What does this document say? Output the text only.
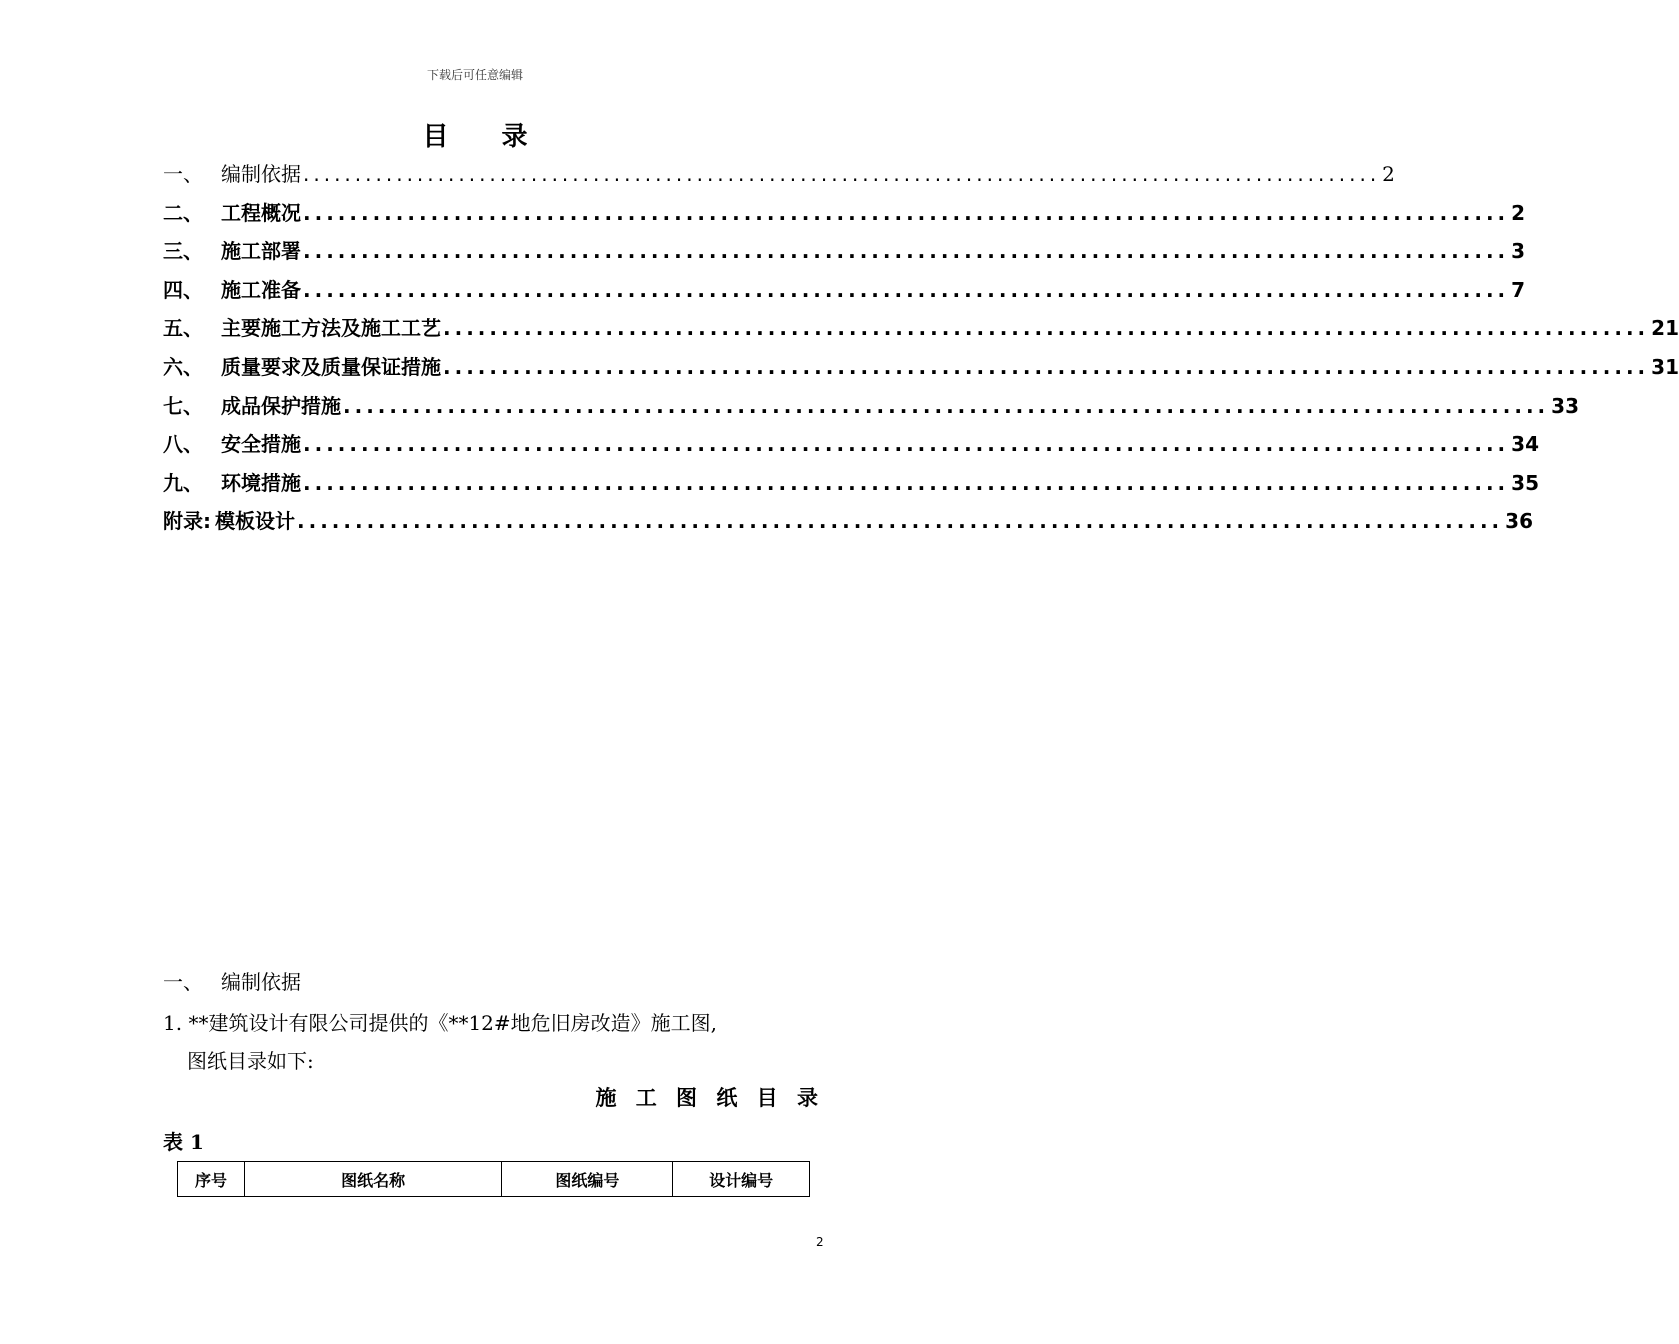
下载后可任意编辑
目 录
一、 编制依据 ........................................................................................................ 2
二、 工程概况 ........................................................................................................ 2
三、 施工部署 ........................................................................................................ 3
四、 施工准备 ........................................................................................................ 7
五、 主要施工方法及施工工艺 ........................................................................................................ 21
六、 质量要求及质量保证措施 ........................................................................................................ 31
七、 成品保护措施 ........................................................................................................ 33
八、 安全措施 ........................................................................................................ 34
九、 环境措施 ........................................................................................................ 35
附录: 模板设计 ........................................................................................................ 36
一、 编制依据
1. **建筑设计有限公司提供的《**12#地危旧房改造》施工图,
图纸目录如下:
施 工 图 纸 目 录
表 1
序号	图纸名称	图纸编号	设计编号
2
